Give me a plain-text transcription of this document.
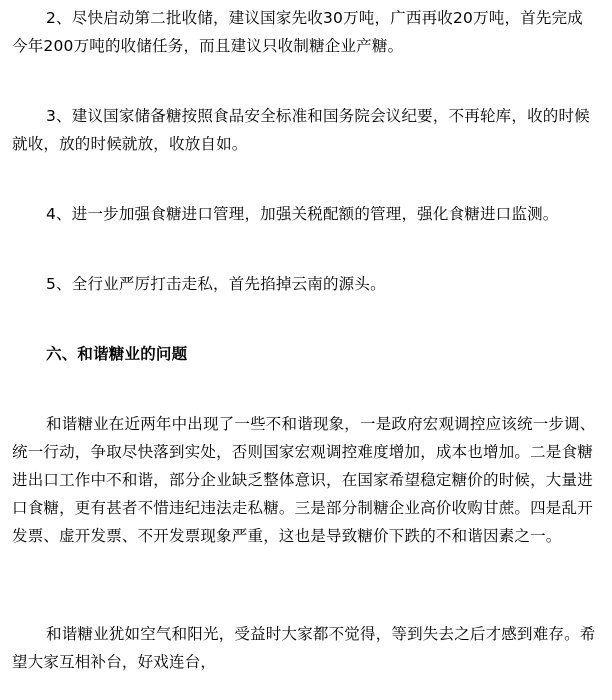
2、尽快启动第二批收储，建议国家先收30万吨，广西再收20万吨，首先完成今年200万吨的收储任务，而且建议只收制糖企业产糖。

3、建议国家储备糖按照食品安全标准和国务院会议纪要，不再轮库，收的时候就收，放的时候就放，收放自如。

4、进一步加强食糖进口管理，加强关税配额的管理，强化食糖进口监测。

5、全行业严厉打击走私，首先掐掉云南的源头。

六、和谐糖业的问题

和谐糖业在近两年中出现了一些不和谐现象，一是政府宏观调控应该统一步调、统一行动，争取尽快落到实处，否则国家宏观调控难度增加，成本也增加。二是食糖进出口工作中不和谐，部分企业缺乏整体意识，在国家希望稳定糖价的时候，大量进口食糖，更有甚者不惜违纪违法走私糖。三是部分制糖企业高价收购甘蔗。四是乱开发票、虚开发票、不开发票现象严重，这也是导致糖价下跌的不和谐因素之一。

和谐糖业犹如空气和阳光，受益时大家都不觉得，等到失去之后才感到难存。希望大家互相补台，好戏连台，
